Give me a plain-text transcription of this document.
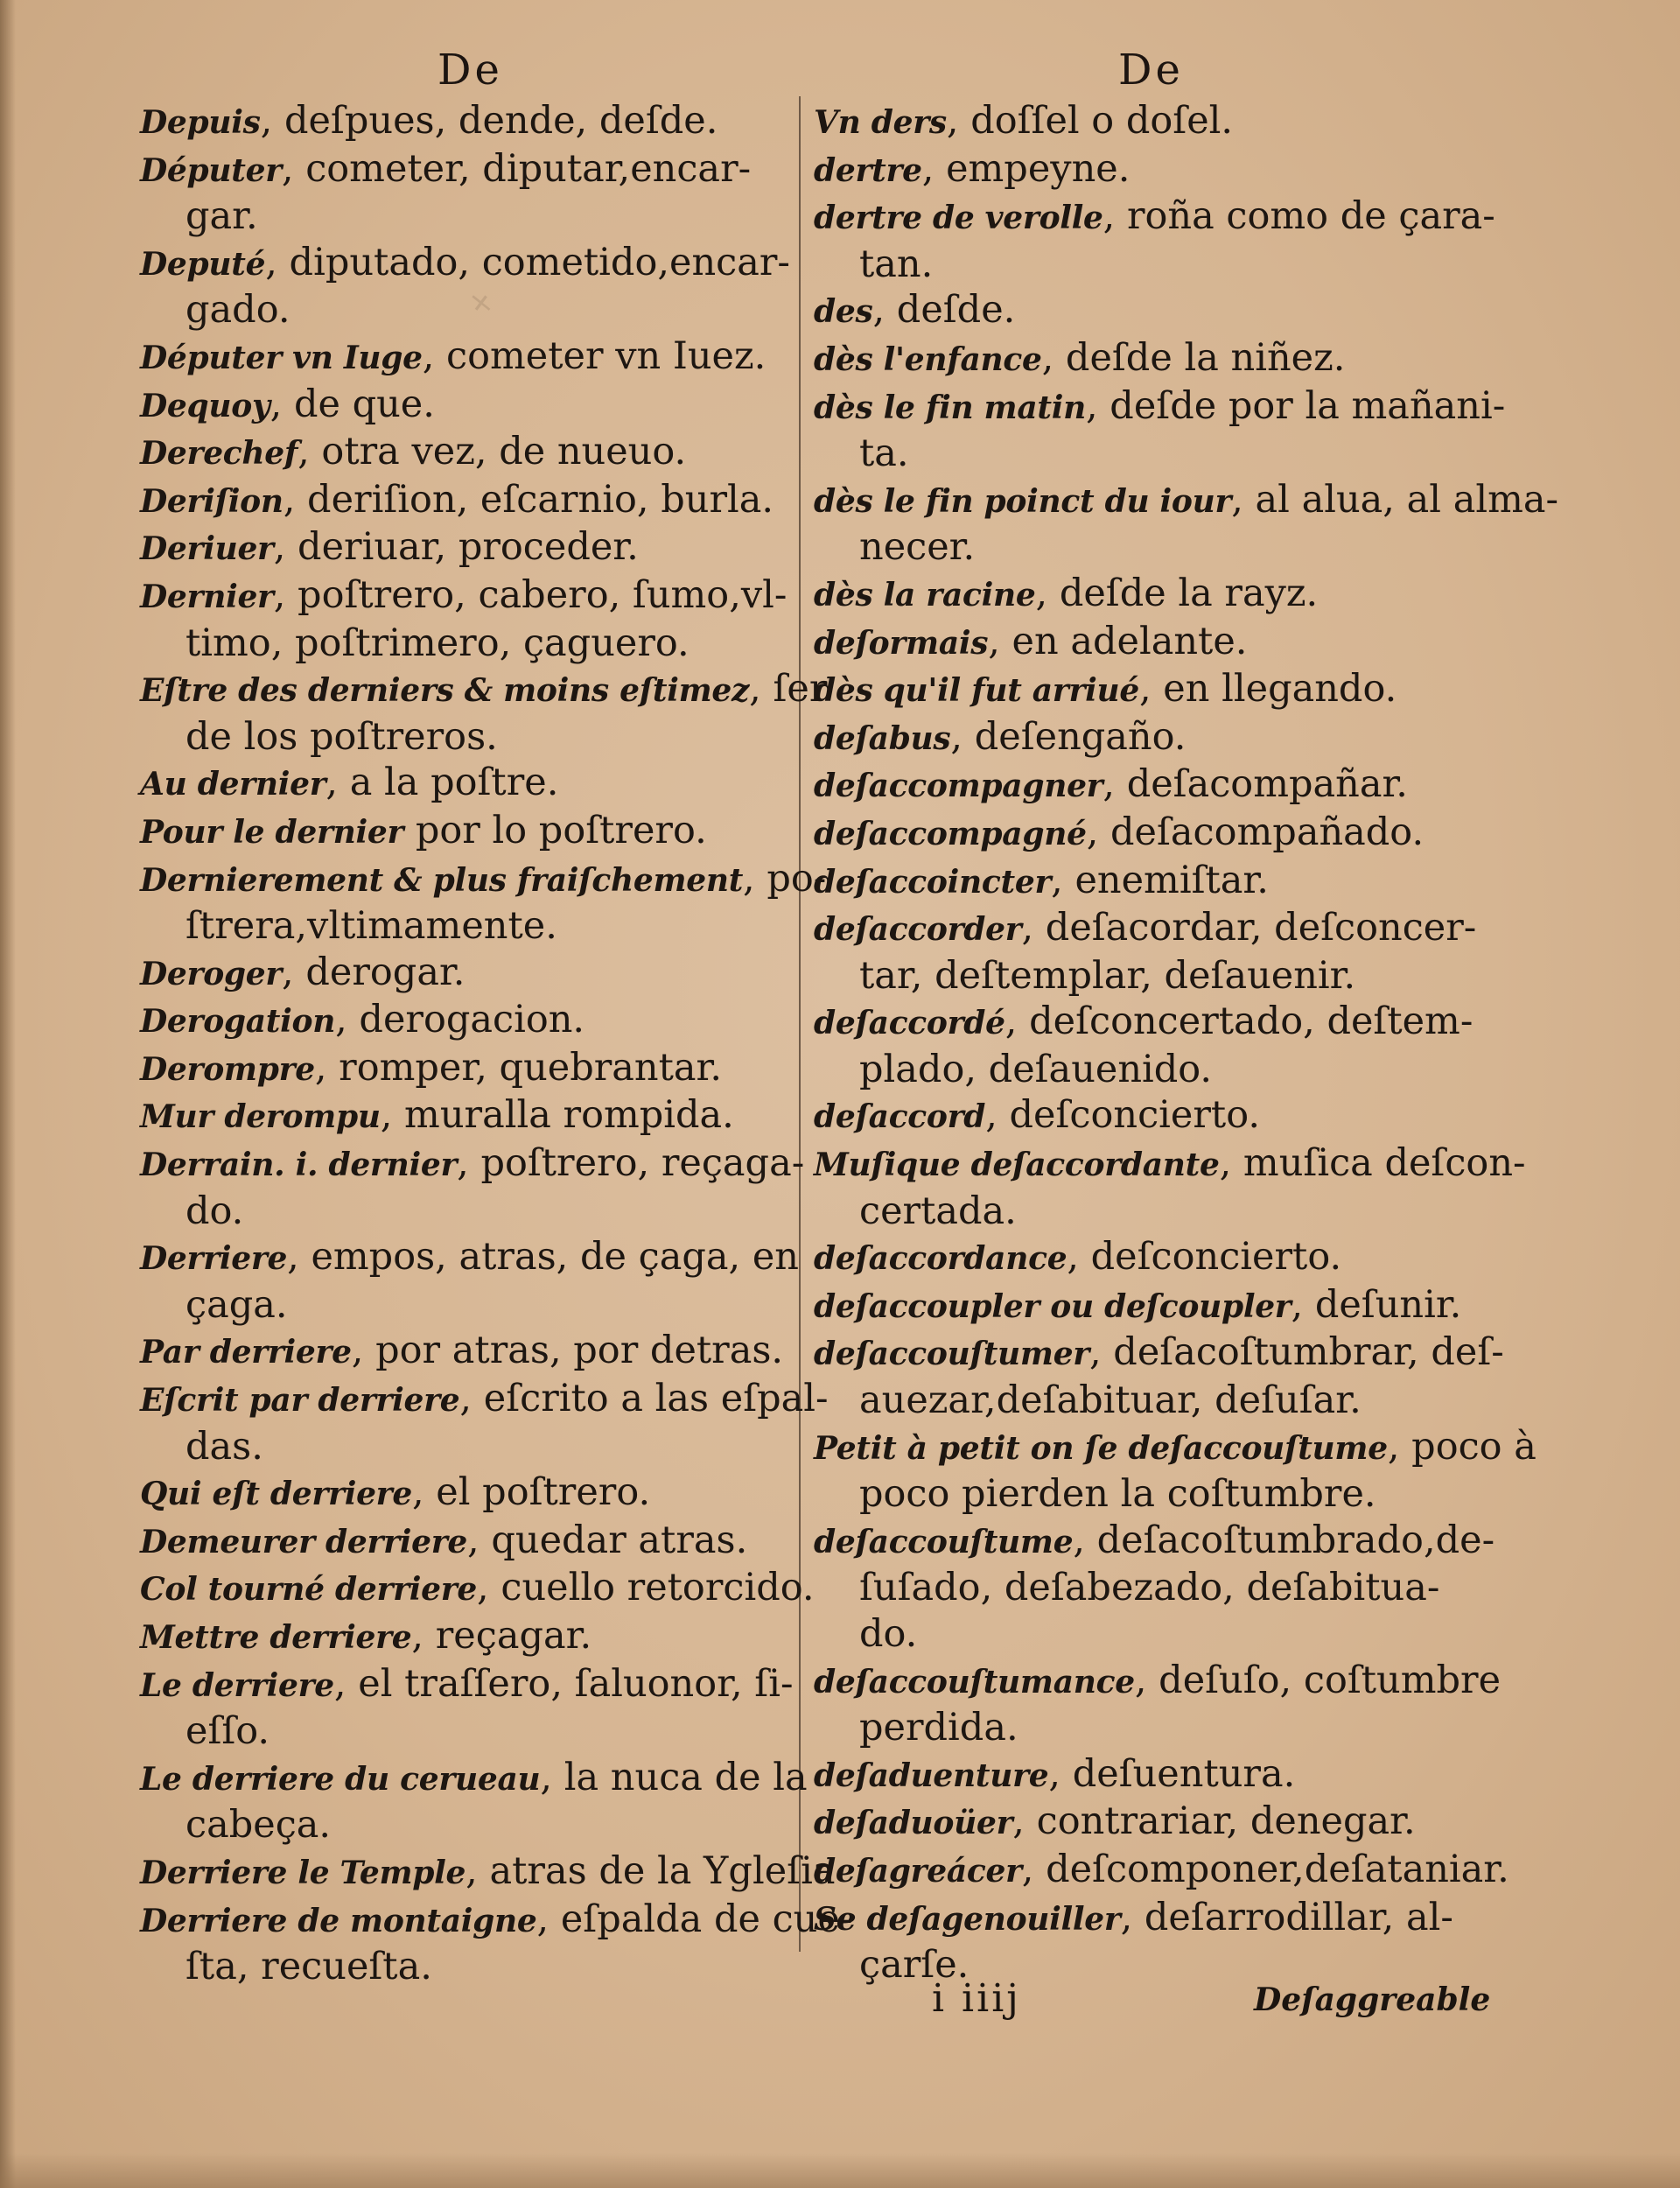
✕
De	De
Depuis, deſpues, dende, deſde.
Députer, cometer, diputar,encar-
gar.
Deputé, diputado, cometido,encar-
gado.
Députer vn Iuge, cometer vn Iuez.
Dequoy, de que.
Derechef, otra vez, de nueuo.
Deriſion, deriſion, eſcarnio, burla.
Deriuer, deriuar, proceder.
Dernier, poſtrero, cabero, ſumo,vl-
timo, poſtrimero, çaguero.
Eſtre des derniers & moins eſtimez, ſer
de los poſtreros.
Au dernier, a la poſtre.
Pour le dernier por lo poſtrero.
Dernierement & plus fraiſchement, po-
ſtrera,vltimamente.
Deroger, derogar.
Derogation, derogacion.
Derompre, romper, quebrantar.
Mur derompu, muralla rompida.
Derrain. i. dernier, poſtrero, reçaga-
do.
Derriere, empos, atras, de çaga, en
çaga.
Par derriere, por atras, por detras.
Eſcrit par derriere, eſcrito a las eſpal-
das.
Qui eſt derriere, el poſtrero.
Demeurer derriere, quedar atras.
Col tourné derriere, cuello retorcido.
Mettre derriere, reçagar.
Le derriere, el traſſero, ſaluonor, ſi-
eſſo.
Le derriere du cerueau, la nuca de la
cabeça.
Derriere le Temple, atras de la Ygleſia
Derriere de montaigne, eſpalda de cue-
ſta, recueſta.
Vn ders, doſſel o doſel.
dertre, empeyne.
dertre de verolle, roña como de çara-
tan.
des, deſde.
dès l'enfance, deſde la niñez.
dès le fin matin, deſde por la mañani-
ta.
dès le fin poinct du iour, al alua, al alma-
necer.
dès la racine, deſde la rayz.
deſormais, en adelante.
dès qu'il fut arriué, en llegando.
deſabus, deſengaño.
deſaccompagner, deſacompañar.
deſaccompagné, deſacompañado.
deſaccoincter, enemiſtar.
deſaccorder, deſacordar, deſconcer-
tar, deſtemplar, deſauenir.
deſaccordé, deſconcertado, deſtem-
plado, deſauenido.
deſaccord, deſconcierto.
Muſique deſaccordante, muſica deſcon-
certada.
deſaccordance, deſconcierto.
deſaccoupler ou deſcoupler, deſunir.
deſaccouſtumer, deſacoſtumbrar, deſ-
auezar,deſabituar, deſuſar.
Petit à petit on ſe deſaccouſtume, poco à
poco pierden la coſtumbre.
deſaccouſtume, deſacoſtumbrado,de-
ſuſado, deſabezado, deſabitua-
do.
deſaccouſtumance, deſuſo, coſtumbre
perdida.
deſaduenture, deſuentura.
deſaduoüer, contrariar, denegar.
deſagreácer, deſcomponer,deſataniar.
Se deſagenouiller, deſarrodillar, al-
çarſe.
i iiij	Deſaggreable
